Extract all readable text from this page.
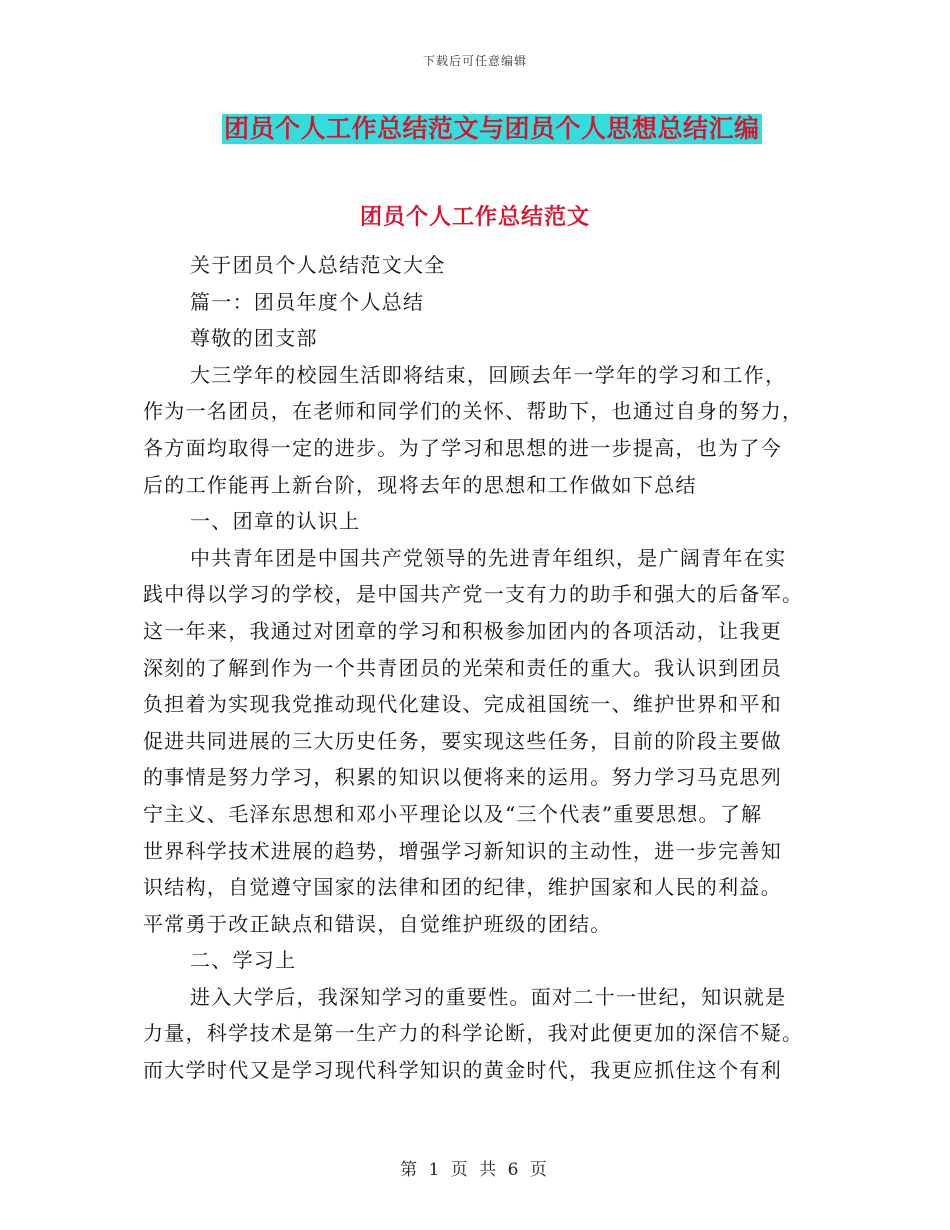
下载后可任意编辑
团员个人工作总结范文与团员个人思想总结汇编
团员个人工作总结范文
关于团员个人总结范文大全
篇一：团员年度个人总结
尊敬的团支部
大三学年的校园生活即将结束，回顾去年一学年的学习和工作，
作为一名团员，在老师和同学们的关怀、帮助下，也通过自身的努力，
各方面均取得一定的进步。为了学习和思想的进一步提高，也为了今
后的工作能再上新台阶，现将去年的思想和工作做如下总结
一、团章的认识上
中共青年团是中国共产党领导的先进青年组织，是广阔青年在实
践中得以学习的学校，是中国共产党一支有力的助手和强大的后备军。
这一年来，我通过对团章的学习和积极参加团内的各项活动，让我更
深刻的了解到作为一个共青团员的光荣和责任的重大。我认识到团员
负担着为实现我党推动现代化建设、完成祖国统一、维护世界和平和
促进共同进展的三大历史任务，要实现这些任务，目前的阶段主要做
的事情是努力学习，积累的知识以便将来的运用。努力学习马克思列
宁主义、毛泽东思想和邓小平理论以及“三个代表”重要思想。了解
世界科学技术进展的趋势，增强学习新知识的主动性，进一步完善知
识结构，自觉遵守国家的法律和团的纪律，维护国家和人民的利益。
平常勇于改正缺点和错误，自觉维护班级的团结。
二、学习上
进入大学后，我深知学习的重要性。面对二十一世纪，知识就是
力量，科学技术是第一生产力的科学论断，我对此便更加的深信不疑。
而大学时代又是学习现代科学知识的黄金时代，我更应抓住这个有利
第 1 页 共 6 页
